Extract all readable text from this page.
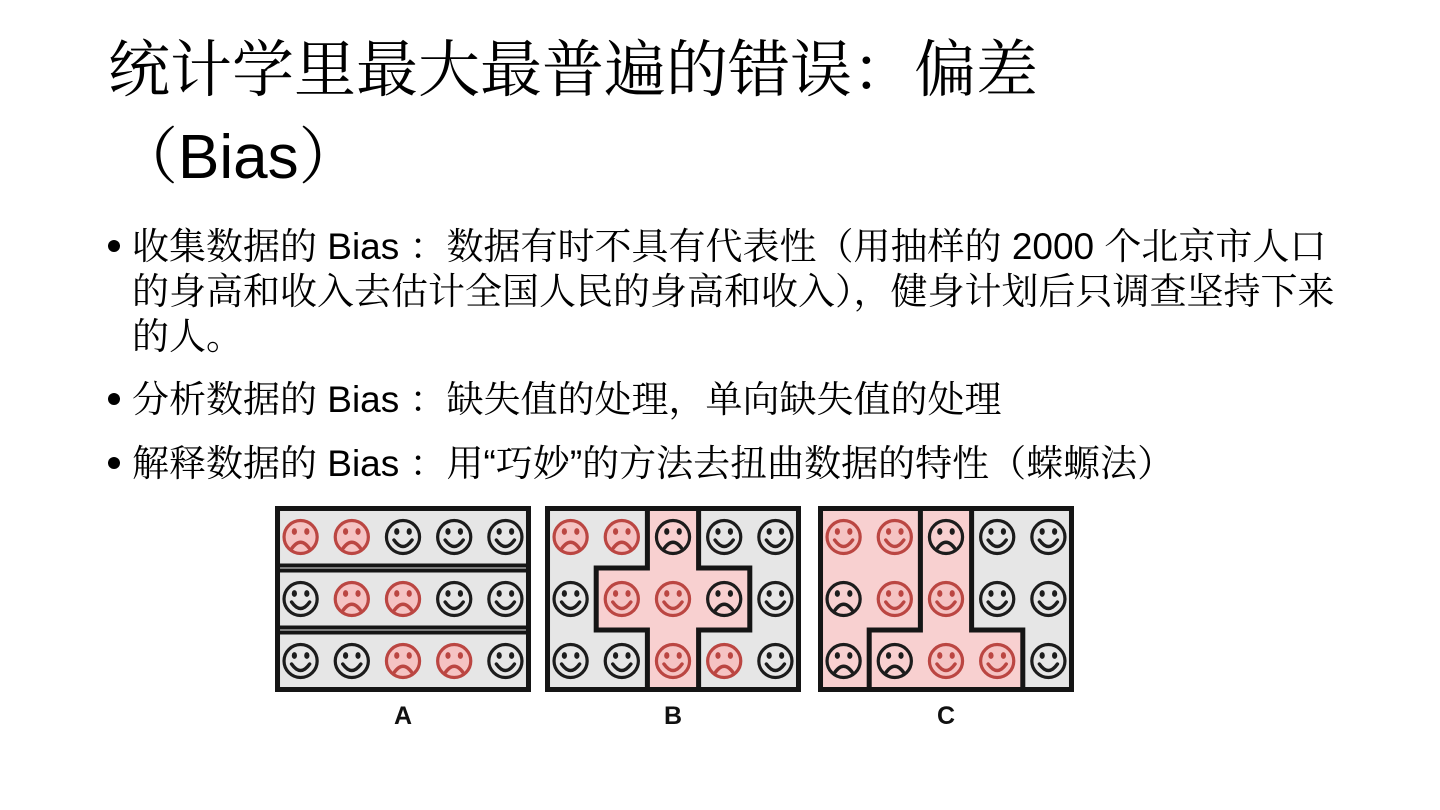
统计学里最大最普遍的错误：偏差
（Bias）
收集数据的 Bias ：数据有时不具有代表性（用抽样的 2000 个北京市人口的身高和收入去估计全国人民的身高和收入），健身计划后只调查坚持下来的人。
分析数据的 Bias ：缺失值的处理，单向缺失值的处理
解释数据的 Bias ：用“巧妙”的方法去扭曲数据的特性（蝾螈法）
A	B	C
